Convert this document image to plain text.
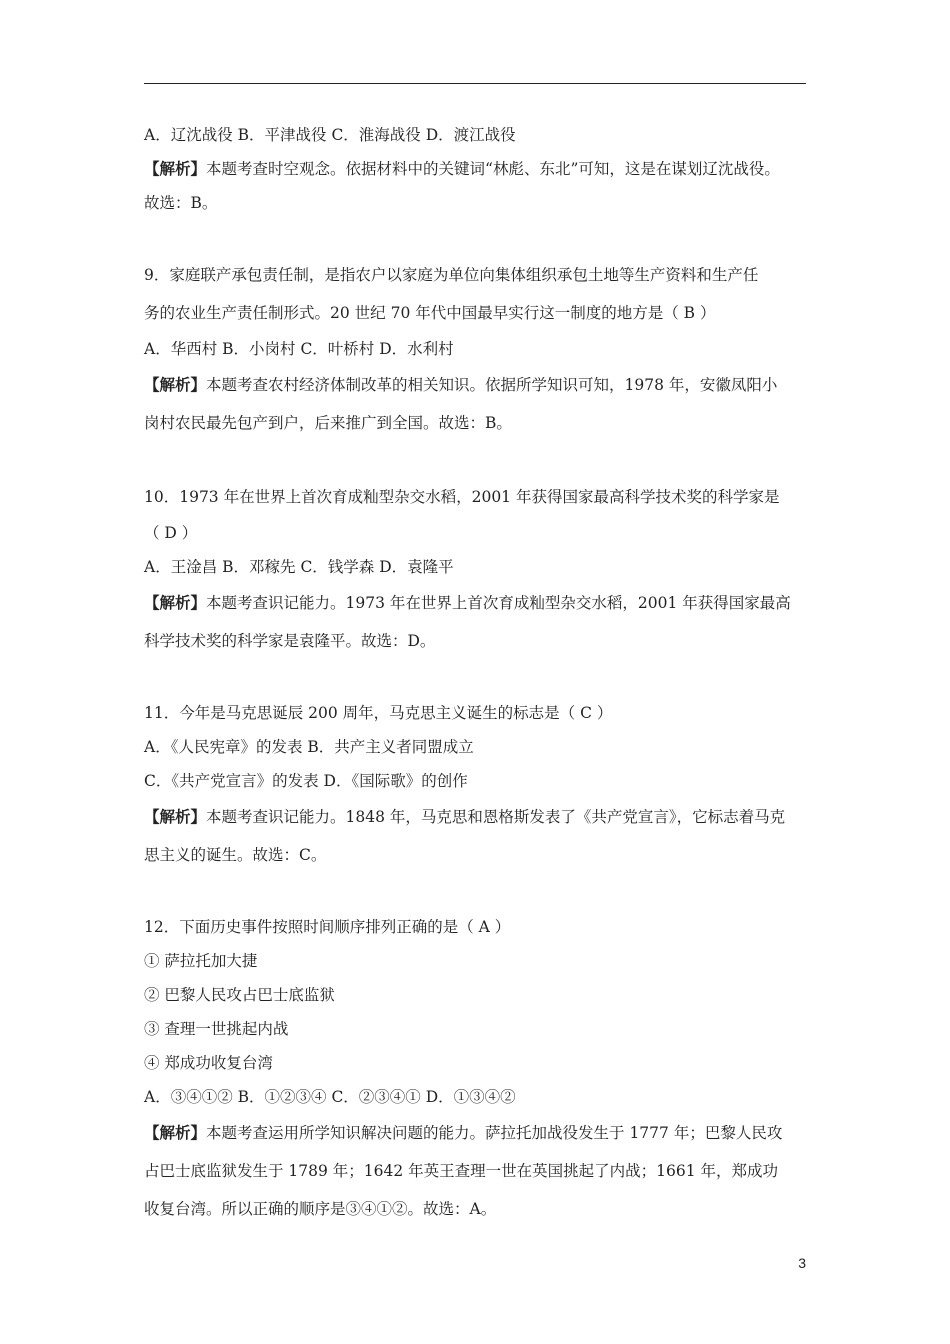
A．辽沈战役 B．平津战役 C．淮海战役 D．渡江战役
【解析】本题考查时空观念。依据材料中的关键词“林彪、东北”可知，这是在谋划辽沈战役。
故选：B。
9．家庭联产承包责任制，是指农户以家庭为单位向集体组织承包土地等生产资料和生产任
务的农业生产责任制形式。20 世纪 70 年代中国最早实行这一制度的地方是（ B ）
A．华西村 B．小岗村 C．叶桥村 D．水利村
【解析】本题考查农村经济体制改革的相关知识。依据所学知识可知，1978 年，安徽凤阳小
岗村农民最先包产到户，后来推广到全国。故选：B。
10．1973 年在世界上首次育成籼型杂交水稻，2001 年获得国家最高科学技术奖的科学家是
（ D ）
A．王淦昌 B．邓稼先 C．钱学森 D．袁隆平
【解析】本题考查识记能力。1973 年在世界上首次育成籼型杂交水稻，2001 年获得国家最高
科学技术奖的科学家是袁隆平。故选：D。
11．今年是马克思诞辰 200 周年，马克思主义诞生的标志是（ C ）
A．《人民宪章》的发表 B．共产主义者同盟成立
C．《共产党宣言》的发表 D．《国际歌》的创作
【解析】本题考查识记能力。1848 年，马克思和恩格斯发表了《共产党宣言》，它标志着马克
思主义的诞生。故选：C。
12．下面历史事件按照时间顺序排列正确的是（ A ）
① 萨拉托加大捷
② 巴黎人民攻占巴士底监狱
③ 查理一世挑起内战
④ 郑成功收复台湾
A．③④①② B．①②③④ C．②③④① D．①③④②
【解析】本题考查运用所学知识解决问题的能力。萨拉托加战役发生于 1777 年；巴黎人民攻
占巴士底监狱发生于 1789 年；1642 年英王查理一世在英国挑起了内战；1661 年，郑成功
收复台湾。所以正确的顺序是③④①②。故选：A。
3
